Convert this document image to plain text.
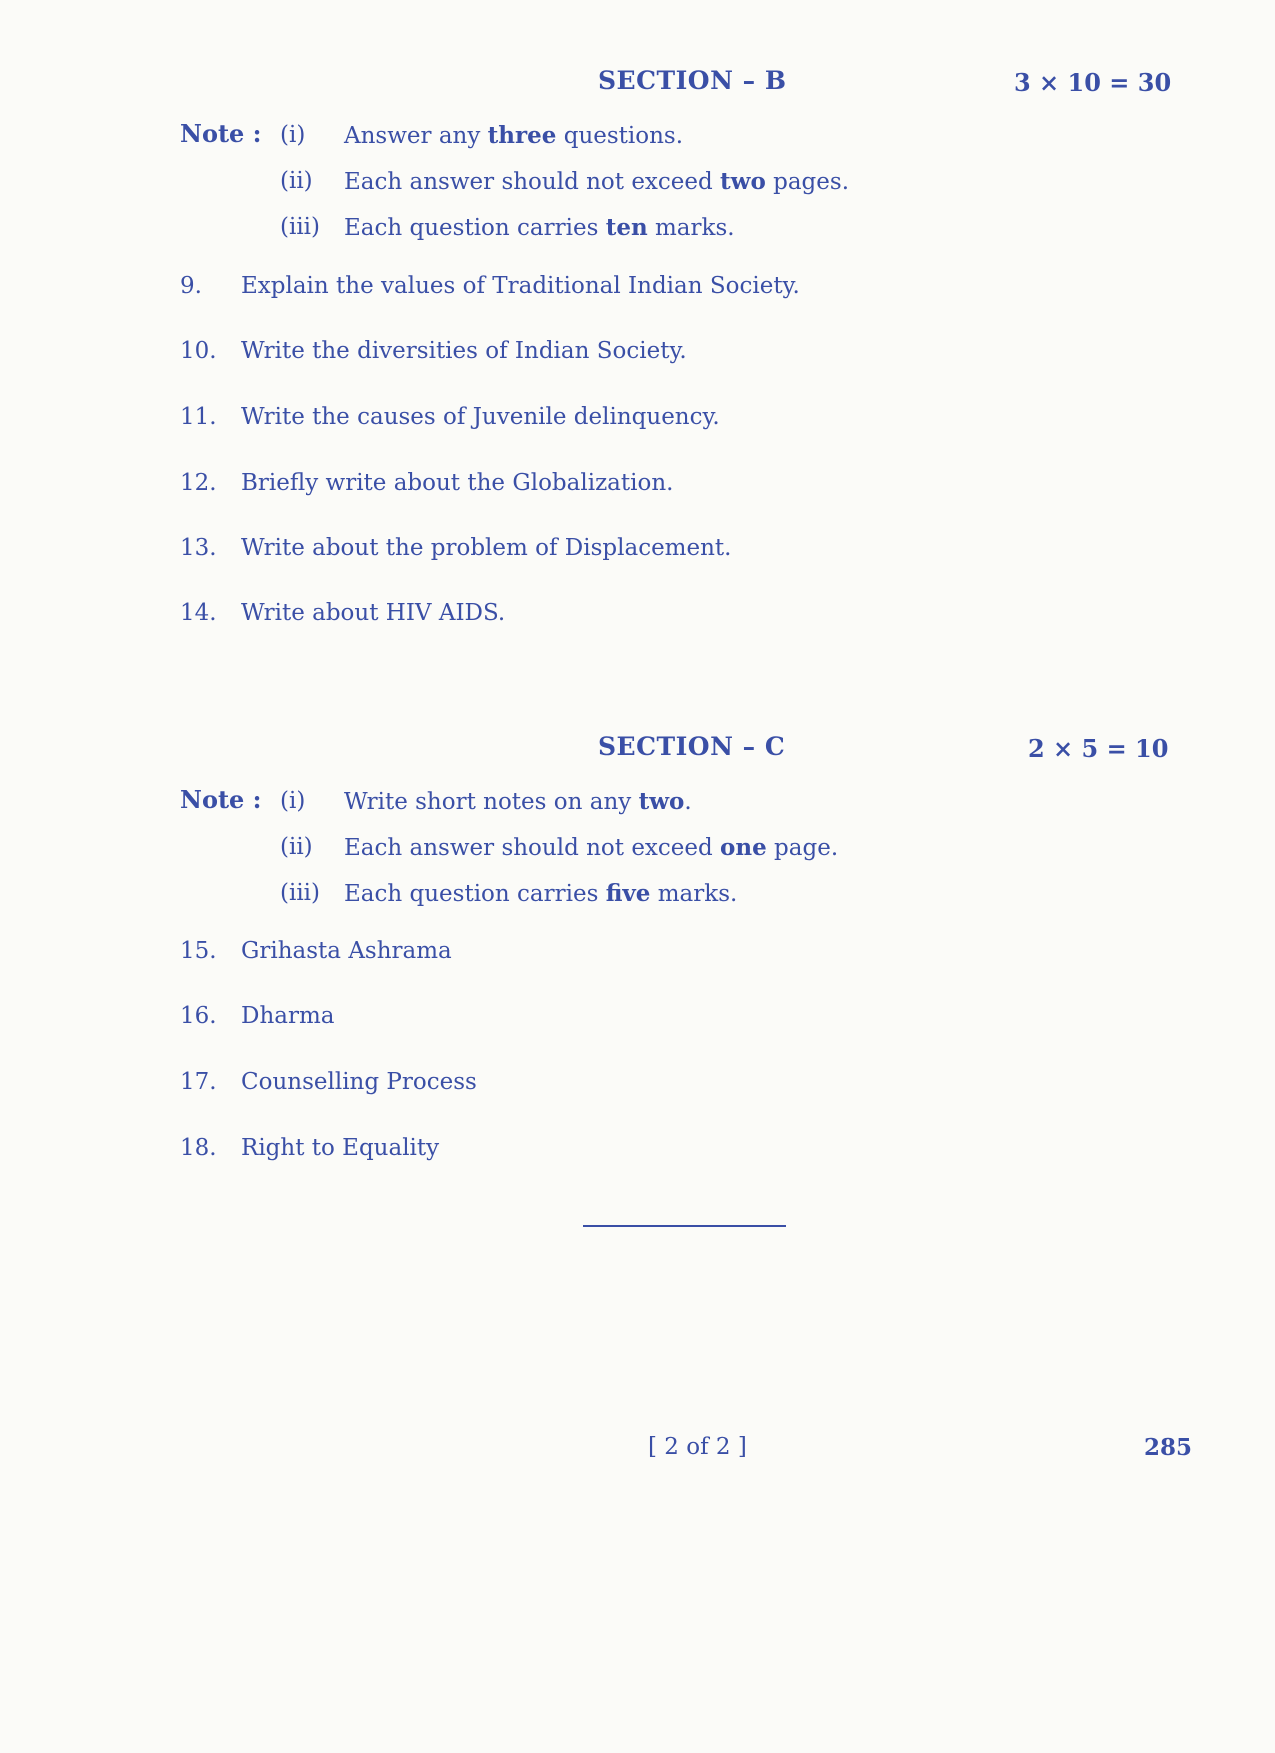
SECTION – B	3 × 10 = 30
Note : (i) Answer any three questions.
(ii) Each answer should not exceed two pages.
(iii) Each question carries ten marks.
9. Explain the values of Traditional Indian Society.
10. Write the diversities of Indian Society.
11. Write the causes of Juvenile delinquency.
12. Briefly write about the Globalization.
13. Write about the problem of Displacement.
14. Write about HIV AIDS.
SECTION – C	2 × 5 = 10
Note : (i) Write short notes on any two.
(ii) Each answer should not exceed one page.
(iii) Each question carries five marks.
15. Grihasta Ashrama
16. Dharma
17. Counselling Process
18. Right to Equality
[ 2 of 2 ]	285
